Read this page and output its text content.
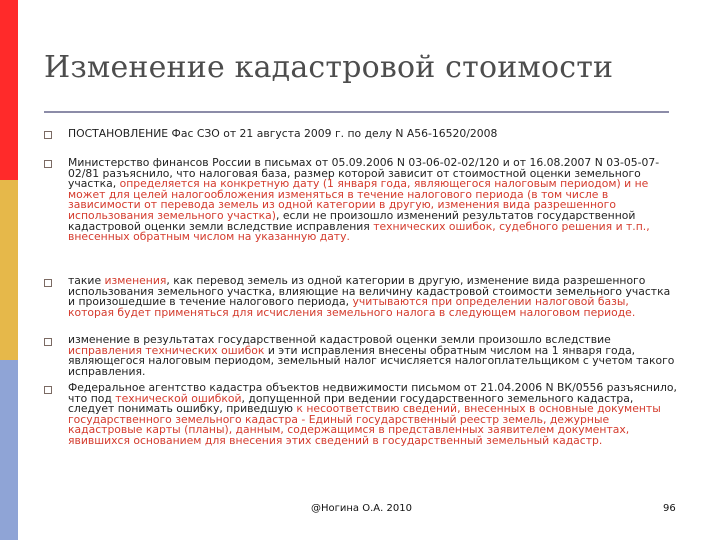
Изменение кадастровой стоимости
ПОСТАНОВЛЕНИЕ Фас СЗО от 21 августа 2009 г. по делу N А56-16520/2008
Министерство финансов России в письмах от 05.09.2006 N 03-06-02-02/120 и от 16.08.2007 N 03-05-07-02/81 разъяснило, что налоговая база, размер которой зависит от стоимостной оценки земельного участка, определяется на конкретную дату (1 января года, являющегося налоговым периодом) и не может для целей налогообложения изменяться в течение налогового периода (в том числе в зависимости от перевода земель из одной категории в другую, изменения вида разрешенного использования земельного участка), если не произошло изменений результатов государственной кадастровой оценки земли вследствие исправления технических ошибок, судебного решения и т.п., внесенных обратным числом на указанную дату.
такие изменения, как перевод земель из одной категории в другую, изменение вида разрешенного использования земельного участка, влияющие на величину кадастровой стоимости земельного участка и произошедшие в течение налогового периода, учитываются при определении налоговой базы, которая будет применяться для исчисления земельного налога в следующем налоговом периоде.
изменение в результатах государственной кадастровой оценки земли произошло вследствие исправления технических ошибок и эти исправления внесены обратным числом на 1 января года, являющегося налоговым периодом, земельный налог исчисляется налогоплательщиком с учетом такого исправления.
Федеральное агентство кадастра объектов недвижимости письмом от 21.04.2006 N ВК/0556 разъяснило, что под технической ошибкой, допущенной при ведении государственного земельного кадастра, следует понимать ошибку, приведшую к несоответствию сведений, внесенных в основные документы государственного земельного кадастра - Единый государственный реестр земель, дежурные кадастровые карты (планы), данным, содержащимся в представленных заявителем документах, явившихся основанием для внесения этих сведений в государственный земельный кадастр.
@Ногина О.А. 2010	96
